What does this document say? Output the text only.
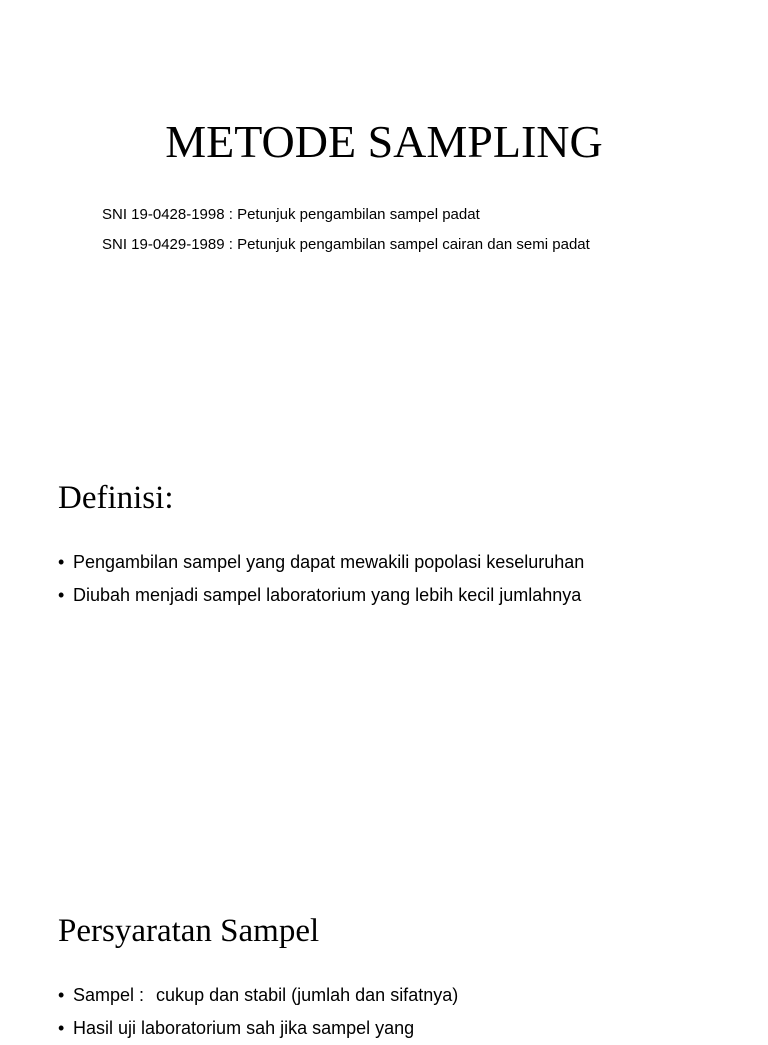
METODE SAMPLING
SNI 19-0428-1998 : Petunjuk pengambilan sampel padat
SNI 19-0429-1989 : Petunjuk pengambilan sampel cairan dan semi padat
Definisi:
• Pengambilan sampel yang dapat mewakili popolasi keseluruhan
• Diubah menjadi sampel laboratorium yang lebih kecil jumlahnya
Persyaratan Sampel
• Sampel : cukup dan stabil (jumlah dan sifatnya)
• Hasil uji laboratorium sah jika sampel yang
